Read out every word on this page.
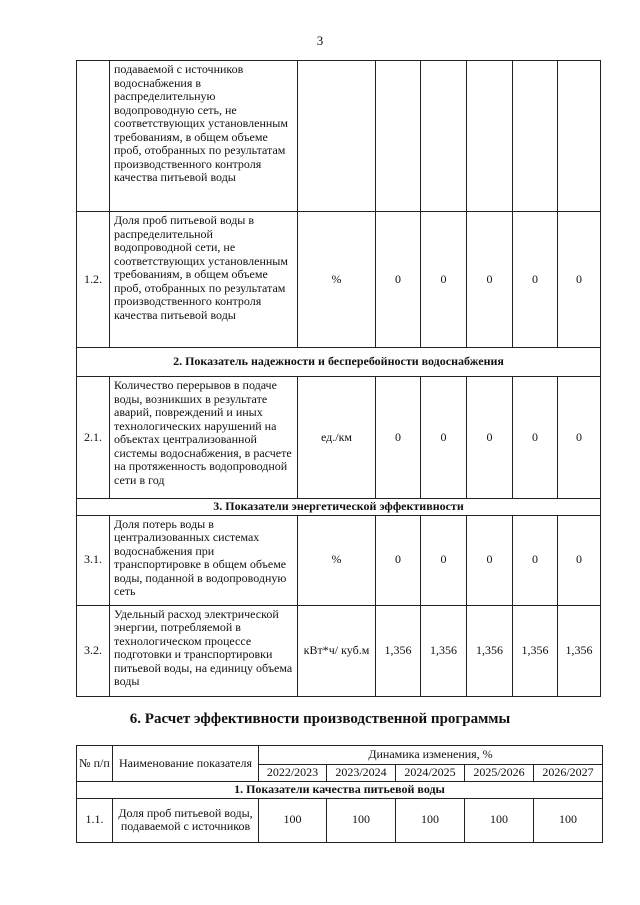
3
	подаваемой с источников водоснабжения в распределительную водопроводную сеть, не соответствующих установленным требованиям, в общем объеме проб, отобранных по результатам производственного контроля качества питьевой воды						
1.2.	Доля проб питьевой воды в распределительной водопроводной сети, не соответствующих установленным требованиям, в общем объеме проб, отобранных по результатам производственного контроля качества питьевой воды	%	0	0	0	0	0
2. Показатель надежности и бесперебойности водоснабжения							
2.1.	Количество перерывов в подаче воды, возникших в результате аварий, повреждений и иных технологических нарушений на объектах централизованной системы водоснабжения, в расчете на протяженность водопроводной сети в год	ед./км	0	0	0	0	0
3. Показатели энергетической эффективности							
3.1.	Доля потерь воды в централизованных системах водоснабжения при транспортировке в общем объеме воды, поданной в водопроводную сеть	%	0	0	0	0	0
3.2.	Удельный расход электрической энергии, потребляемой в технологическом процессе подготовки и транспортировки питьевой воды, на единицу объема воды	кВт*ч/ куб.м	1,356	1,356	1,356	1,356	1,356
6. Расчет эффективности производственной программы
№ п/п	Наименование показателя	Динамика изменения, %				
		2022/2023	2023/2024	2024/2025	2025/2026	2026/2027
1. Показатели качества питьевой воды						
1.1.	Доля проб питьевой воды, подаваемой с источников	100	100	100	100	100
